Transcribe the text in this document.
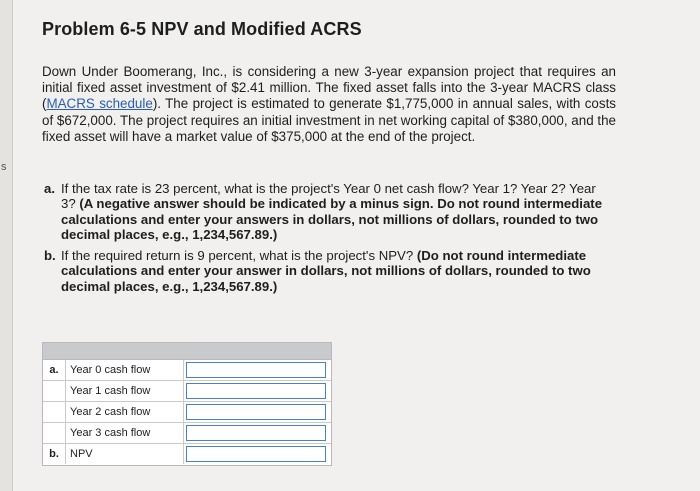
s
Problem 6-5 NPV and Modified ACRS
Down Under Boomerang, Inc., is considering a new 3-year expansion project that requires an initial fixed asset investment of $2.41 million. The fixed asset falls into the 3-year MACRS class (MACRS schedule). The project is estimated to generate $1,775,000 in annual sales, with costs of $672,000. The project requires an initial investment in net working capital of $380,000, and the fixed asset will have a market value of $375,000 at the end of the project.
a. If the tax rate is 23 percent, what is the project's Year 0 net cash flow? Year 1? Year 2? Year 3? (A negative answer should be indicated by a minus sign. Do not round intermediate calculations and enter your answers in dollars, not millions of dollars, rounded to two decimal places, e.g., 1,234,567.89.)
b. If the required return is 9 percent, what is the project's NPV? (Do not round intermediate calculations and enter your answer in dollars, not millions of dollars, rounded to two decimal places, e.g., 1,234,567.89.)
a.	Year 0 cash flow
Year 1 cash flow
Year 2 cash flow
Year 3 cash flow
b.	NPV
